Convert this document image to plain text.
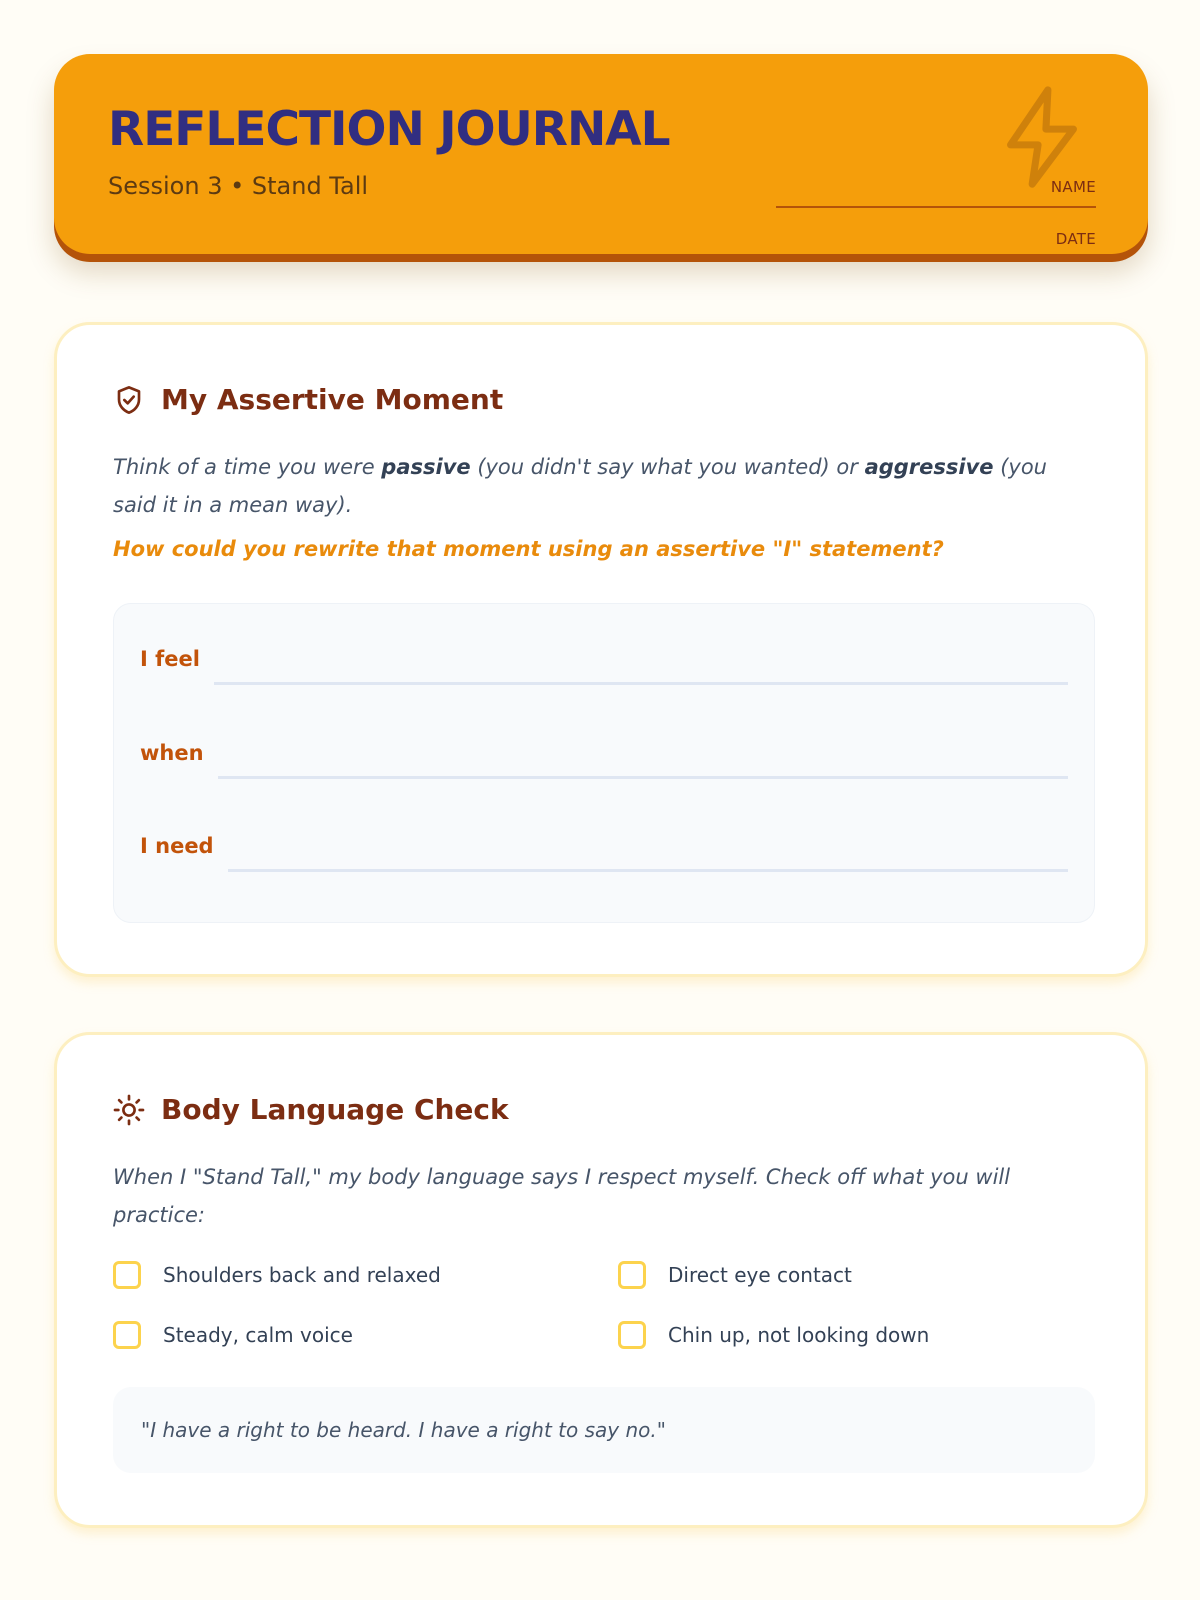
REFLECTION JOURNAL
Session 3 • Stand Tall	NAME
DATE
My Assertive Moment

Think of a time you were passive (you didn't say what you wanted) or aggressive (you said it in a mean way).

How could you rewrite that moment using an assertive "I" statement?

I feel
when
I need
Body Language Check

When I "Stand Tall," my body language says I respect myself. Check off what you will practice:

Shoulders back and relaxed	Direct eye contact
Steady, calm voice	Chin up, not looking down
"I have a right to be heard. I have a right to say no."
